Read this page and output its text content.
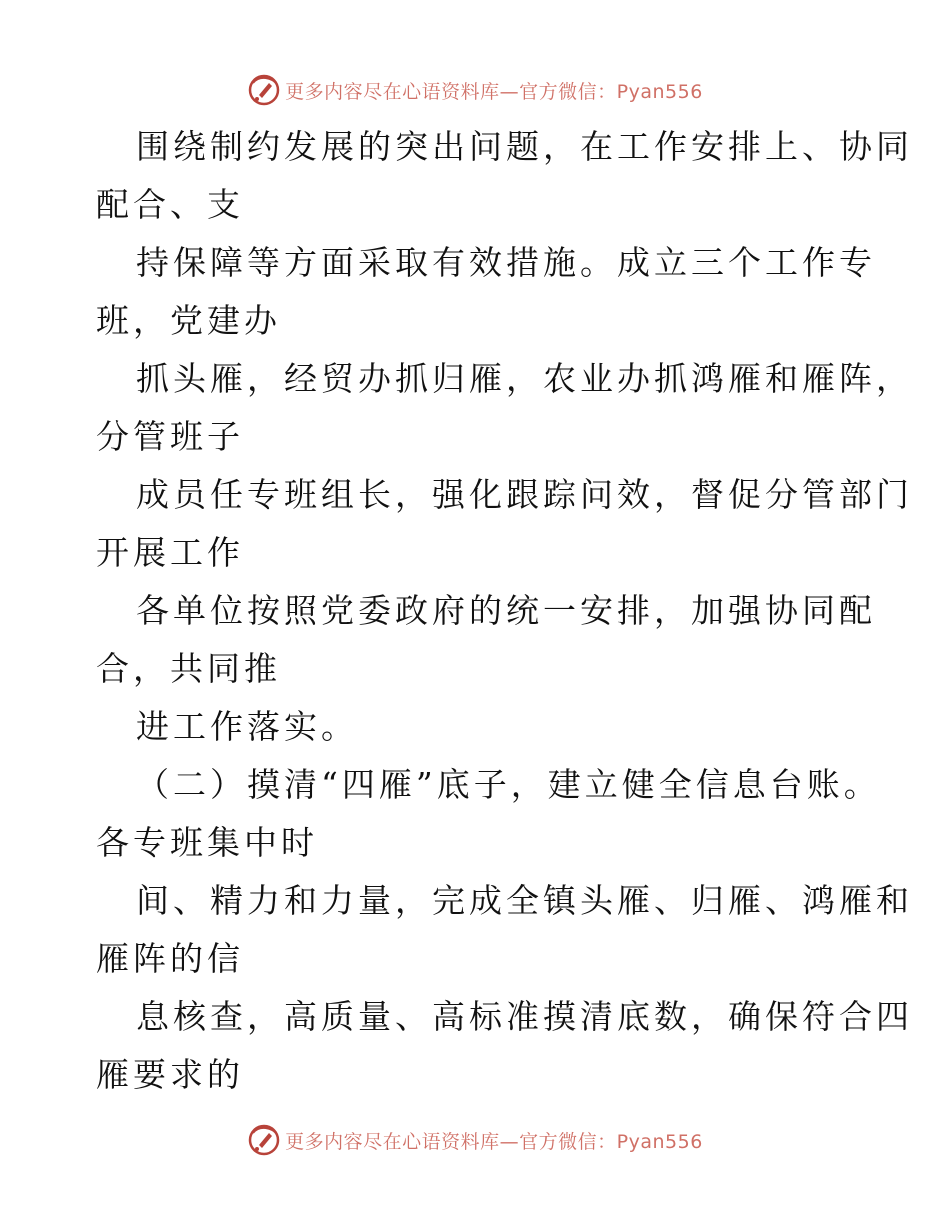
更多内容尽在心语资料库—官方微信：Pyan556
围绕制约发展的突出问题，在工作安排上、协同
配合、支
持保障等方面采取有效措施。成立三个工作专
班，党建办
抓头雁，经贸办抓归雁，农业办抓鸿雁和雁阵，
分管班子
成员任专班组长，强化跟踪问效，督促分管部门
开展工作
各单位按照党委政府的统一安排，加强协同配
合，共同推
进工作落实。
（二）摸清“四雁”底子，建立健全信息台账。
各专班集中时
间、精力和力量，完成全镇头雁、归雁、鸿雁和
雁阵的信
息核查，高质量、高标准摸清底数，确保符合四
雁要求的
更多内容尽在心语资料库—官方微信：Pyan556
